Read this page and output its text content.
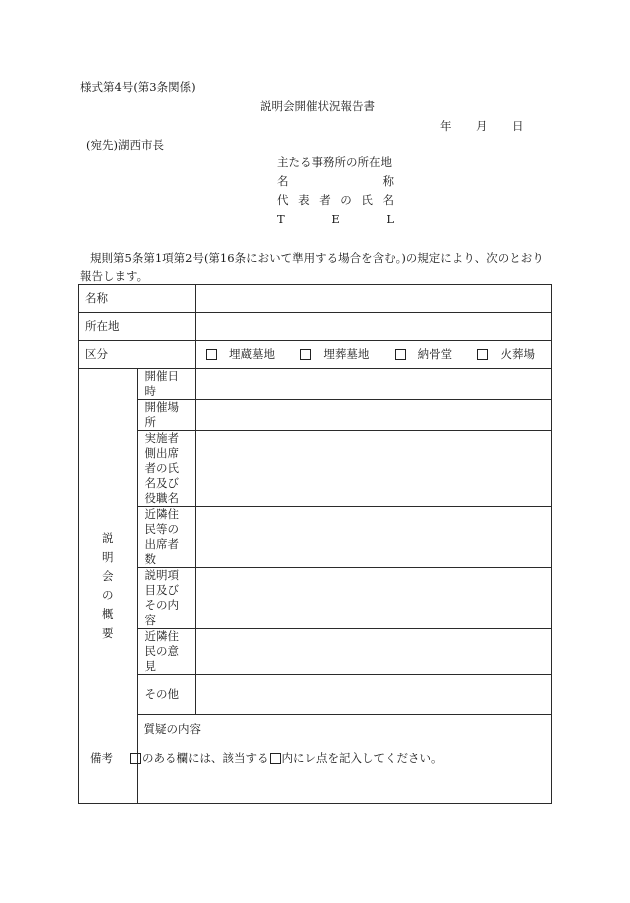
様式第4号(第3条関係)
説明会開催状況報告書
年 月 日
(宛先)湖西市長
主たる事務所の所在地
名	称
代 表 者 の 氏 名
T	E	L
規則第5条第1項第2号(第16条において準用する場合を含む。)の規定により、次のとおり報告します。
名称		
所在地		
区分		埋蔵墓地 埋葬墓地 納骨堂 火葬場

説明会の概要	開催日時	
	開催場所	
	実施者側出席者の氏名及び役職名	
	近隣住民等の出席者数	
	説明項目及びその内容	
	近隣住民の意見	
	その他	
	質疑の内容	
備考	のある欄には、該当する 内にレ点を記入してください。
